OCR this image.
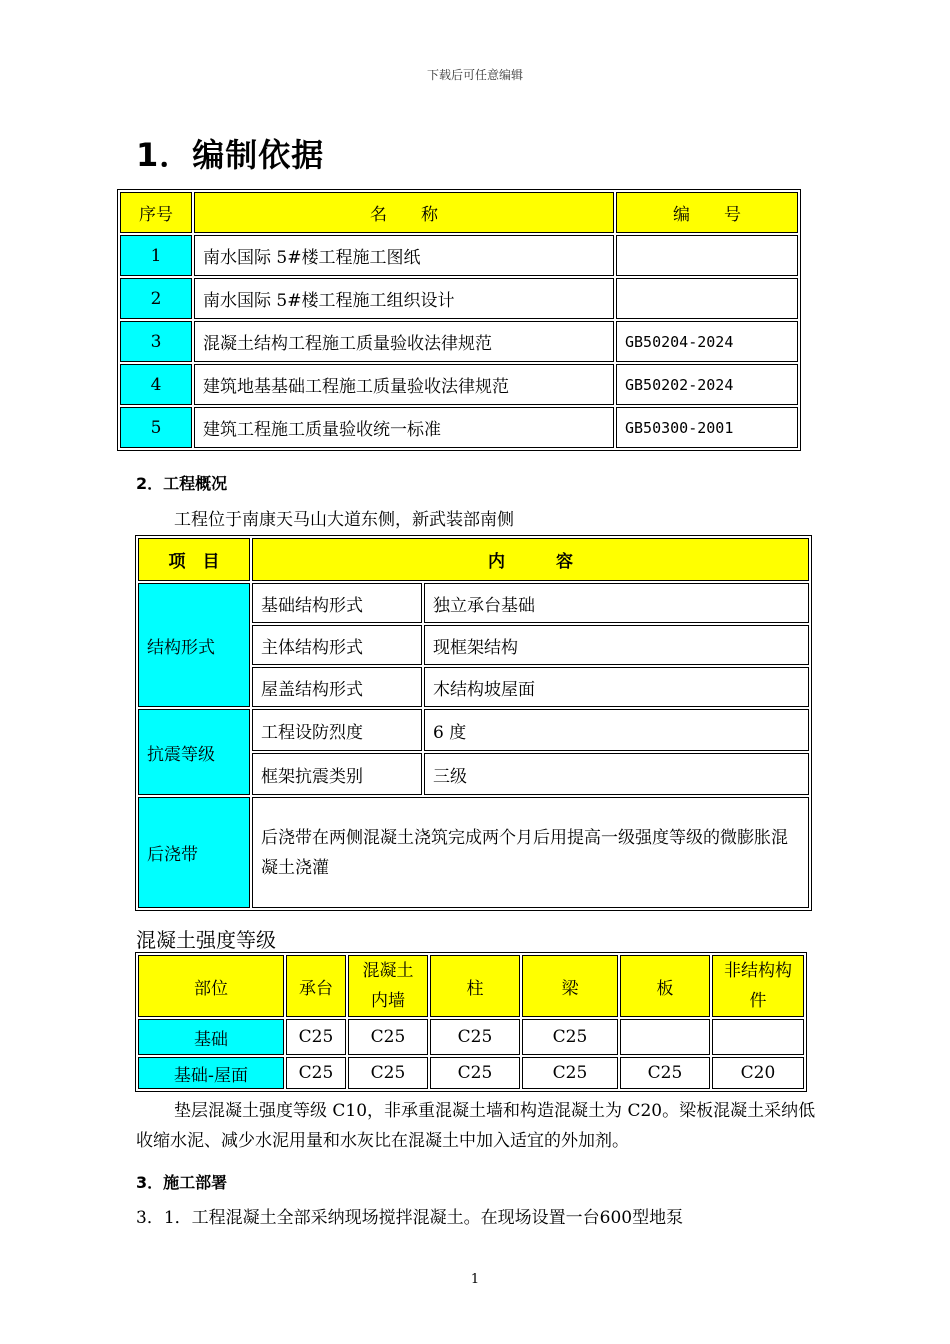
下载后可任意编辑
1．编制依据
序号	名　　称	编　　号
1	南水国际 5#楼工程施工图纸	
2	南水国际 5#楼工程施工组织设计	
3	混凝土结构工程施工质量验收法律规范	GB50204-2024
4	建筑地基基础工程施工质量验收法律规范	GB50202-2024
5	建筑工程施工质量验收统一标准	GB50300-2001
2．工程概况
工程位于南康天马山大道东侧，新武装部南侧
项　目	内　　　容	
结构形式	基础结构形式	独立承台基础
	主体结构形式	现框架结构
	屋盖结构形式	木结构坡屋面
抗震等级	工程设防烈度	6 度
	框架抗震类别	三级
后浇带	后浇带在两侧混凝土浇筑完成两个月后用提高一级强度等级的微膨胀混凝土浇灌	
混凝土强度等级
部位	承台	混凝土内墙	柱	梁	板	非结构构件
基础	C25	C25	C25	C25		
基础-屋面	C25	C25	C25	C25	C25	C20
垫层混凝土强度等级 C10，非承重混凝土墙和构造混凝土为 C20。梁板混凝土采纳低收缩水泥、减少水泥用量和水灰比在混凝土中加入适宜的外加剂。
3．施工部署
3．1．工程混凝土全部采纳现场搅拌混凝土。在现场设置一台600型地泵
1
